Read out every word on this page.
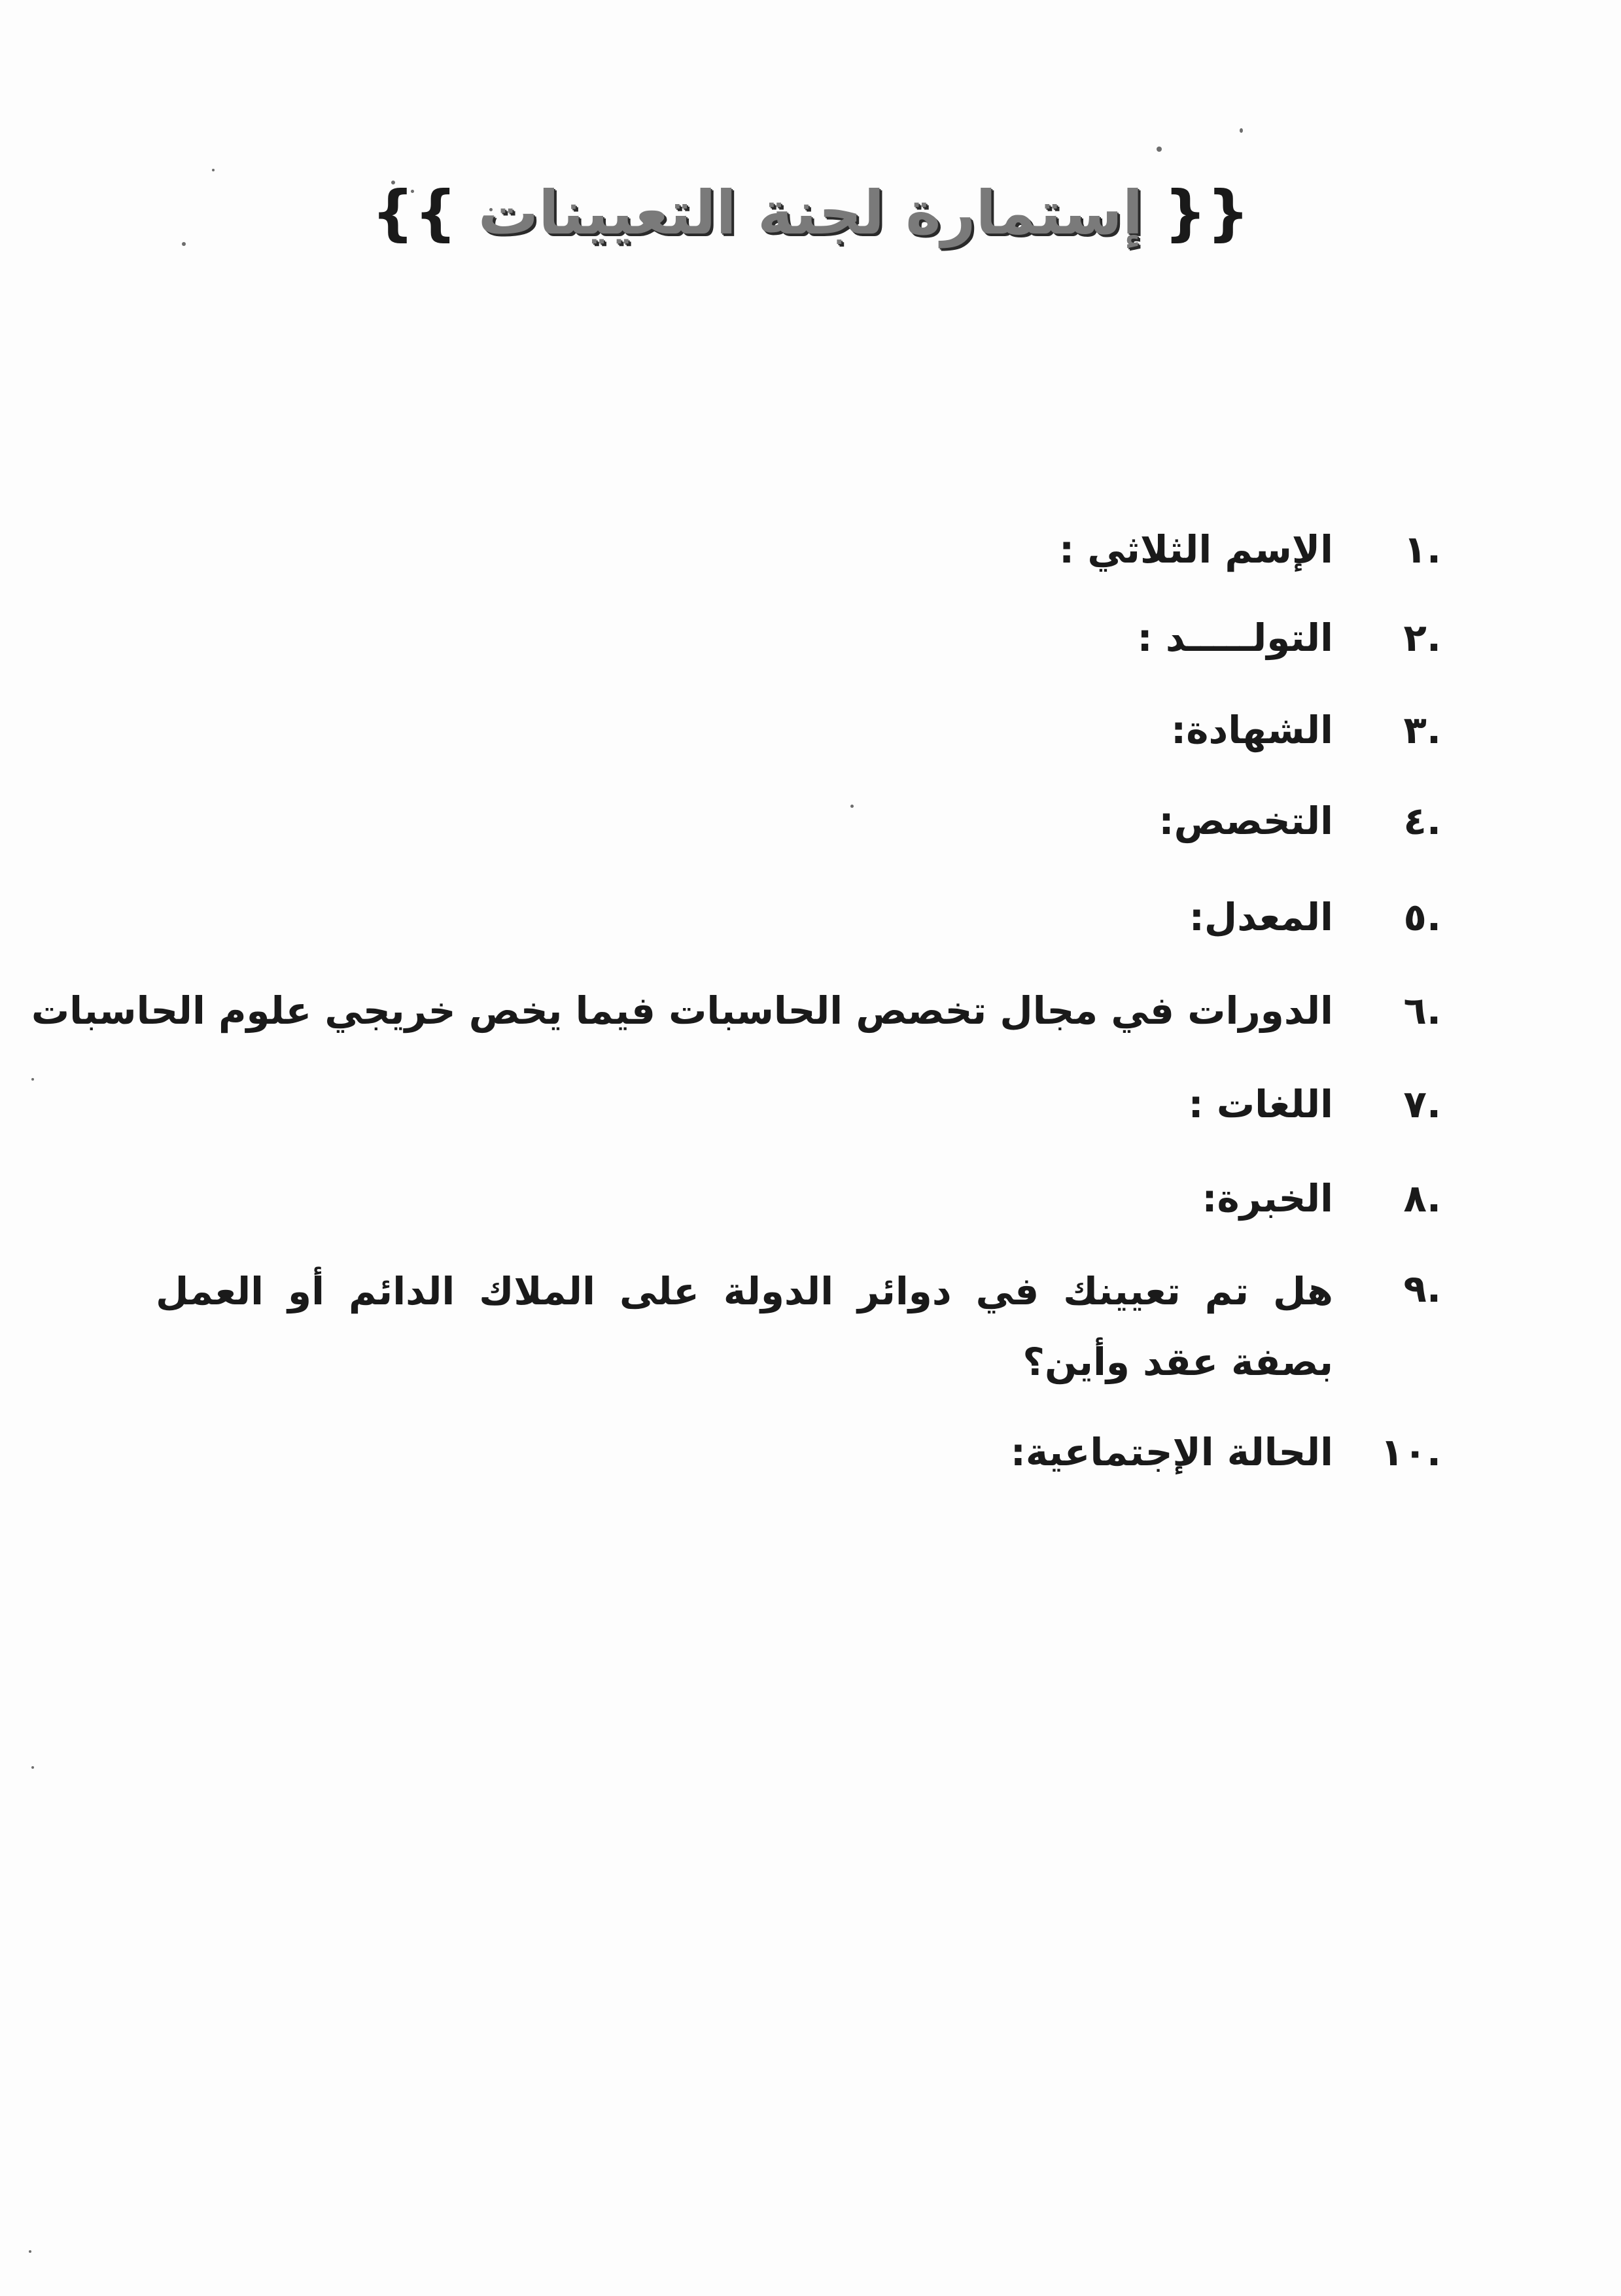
{{ إستمارة لجنة التعيينات }}
.١
الإسم الثلاثي :
.٢
التولـــــد :
.٣
الشهادة:
.٤
التخصص:
.٥
المعدل:
.٦
الدورات في مجال تخصص الحاسبات فيما يخص خريجي علوم الحاسبات
.٧
اللغات :
.٨
الخبرة:
.٩
هل تم تعيينك في دوائر الدولة على الملاك الدائم أو العمل بصفة عقد وأين؟
.١٠
الحالة الإجتماعية:
